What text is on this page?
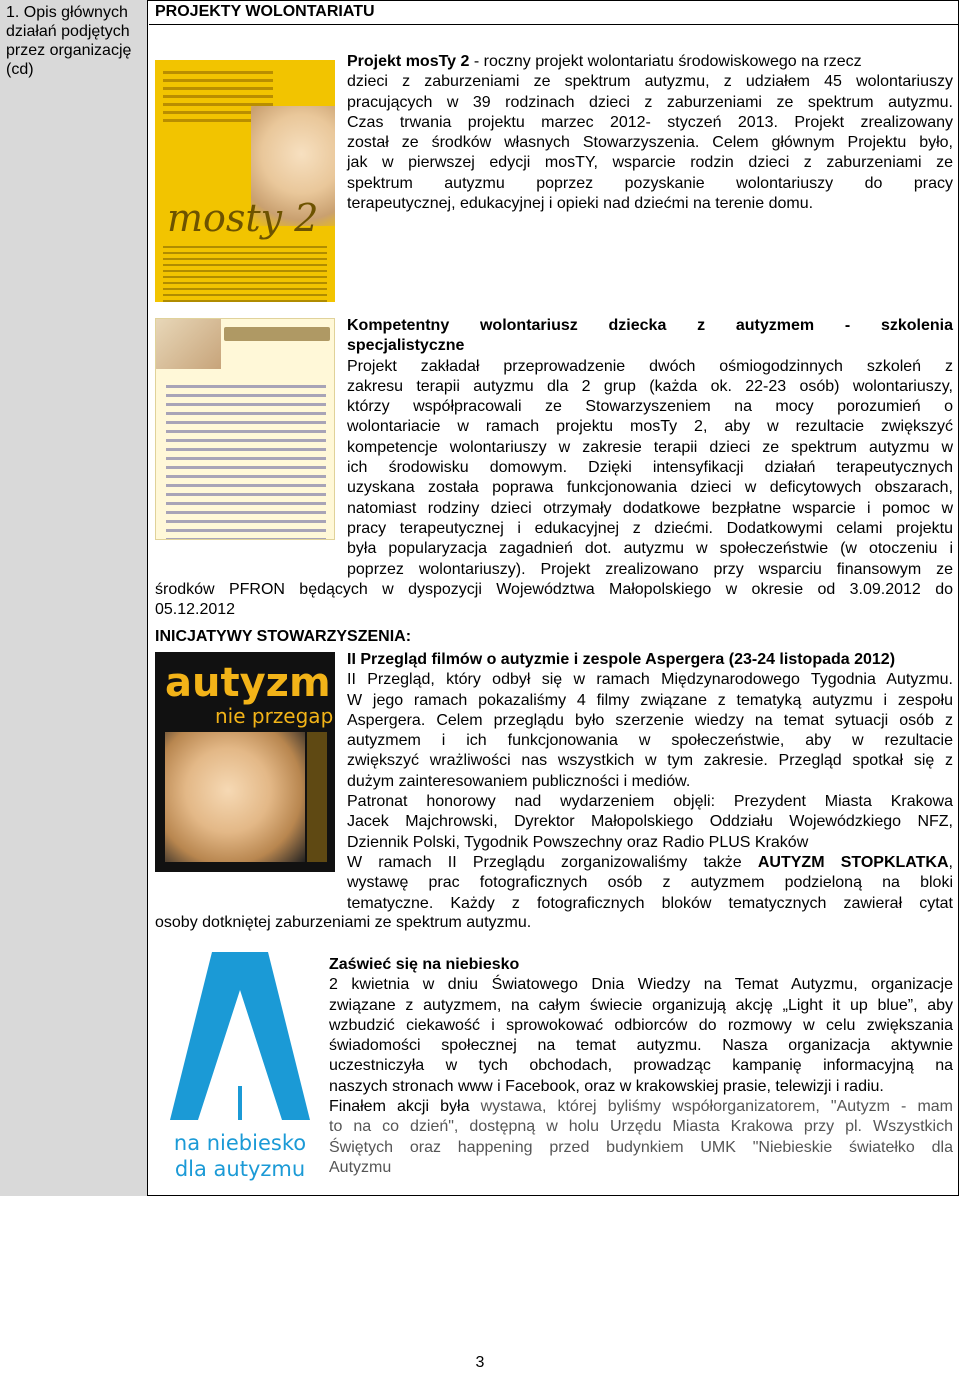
1. Opis głównych działań podjętych przez organizację (cd)
PROJEKTY WOLONTARIATU
mosty 2
Projekt mosTy 2 - roczny projekt wolontariatu środowiskowego na rzecz
dzieci z zaburzeniami ze spektrum autyzmu, z udziałem 45 wolontariuszy
pracujących w 39 rodzinach dzieci z zaburzeniami ze spektrum autyzmu.
Czas trwania projektu marzec 2012- styczeń 2013. Projekt zrealizowany
został ze środków własnych Stowarzyszenia. Celem głównym Projektu było,
jak w pierwszej edycji mosTY, wsparcie rodzin dzieci z zaburzeniami ze
spektrum autyzmu poprzez pozyskanie wolontariuszy do pracy
terapeutycznej, edukacyjnej i opieki nad dziećmi na terenie domu.
Kompetentny wolontariusz dziecka z autyzmem - szkolenia
specjalistyczne
Projekt zakładał przeprowadzenie dwóch ośmiogodzinnych szkoleń z
zakresu terapii autyzmu dla 2 grup (każda ok. 22-23 osób) wolontariuszy,
którzy współpracowali ze Stowarzyszeniem na mocy porozumień o
wolontariacie w ramach projektu mosTy 2, aby w rezultacie zwiększyć
kompetencje wolontariuszy w zakresie terapii dzieci ze spektrum autyzmu w
ich środowisku domowym. Dzięki intensyfikacji działań terapeutycznych
uzyskana została poprawa funkcjonowania dzieci w deficytowych obszarach,
natomiast rodziny dzieci otrzymały dodatkowe bezpłatne wsparcie i pomoc w
pracy terapeutycznej i edukacyjnej z dziećmi. Dodatkowymi celami projektu
była popularyzacja zagadnień dot. autyzmu w społeczeństwie (w otoczeniu i
poprzez wolontariuszy). Projekt zrealizowano przy wsparciu finansowym ze
środków PFRON będących w dyspozycji Województwa Małopolskiego w okresie od 3.09.2012 do
05.12.2012
INICJATYWY STOWARZYSZENIA:
autyzm
nie przegap
II Przegląd filmów o autyzmie i zespole Aspergera (23-24 listopada 2012)
II Przegląd, który odbył się w ramach Międzynarodowego Tygodnia Autyzmu.
W jego ramach pokazaliśmy 4 filmy związane z tematyką autyzmu i zespołu
Aspergera. Celem przeglądu było szerzenie wiedzy na temat sytuacji osób z
autyzmem i ich funkcjonowania w społeczeństwie, aby w rezultacie
zwiększyć wrażliwości nas wszystkich w tym zakresie. Przegląd spotkał się z
dużym zainteresowaniem publiczności i mediów.
Patronat honorowy nad wydarzeniem objęli: Prezydent Miasta Krakowa
Jacek Majchrowski, Dyrektor Małopolskiego Oddziału Wojewódzkiego NFZ,
Dziennik Polski, Tygodnik Powszechny oraz Radio PLUS Kraków
W ramach II Przeglądu zorganizowaliśmy także AUTYZM STOPKLATKA,
wystawę prac fotograficznych osób z autyzmem podzieloną na bloki
tematyczne. Każdy z fotograficznych bloków tematycznych zawierał cytat
osoby dotkniętej zaburzeniami ze spektrum autyzmu.
na niebiesko
dla autyzmu
Zaświeć się na niebiesko
2 kwietnia w dniu Światowego Dnia Wiedzy na Temat Autyzmu, organizacje
związane z autyzmem, na całym świecie organizują akcję „Light it up blue”, aby
wzbudzić ciekawość i sprowokować odbiorców do rozmowy w celu zwiększania
świadomości społecznej na temat autyzmu. Nasza organizacja aktywnie
uczestniczyła w tych obchodach, prowadząc kampanię informacyjną na
naszych stronach www i Facebook, oraz w krakowskiej prasie, telewizji i radiu.
Finałem akcji była wystawa, której byliśmy współorganizatorem, "Autyzm - mam
to na co dzień", dostępną w holu Urzędu Miasta Krakowa przy pl. Wszystkich
Świętych oraz happening przed budynkiem UMK "Niebieskie światełko dla
Autyzmu
3
